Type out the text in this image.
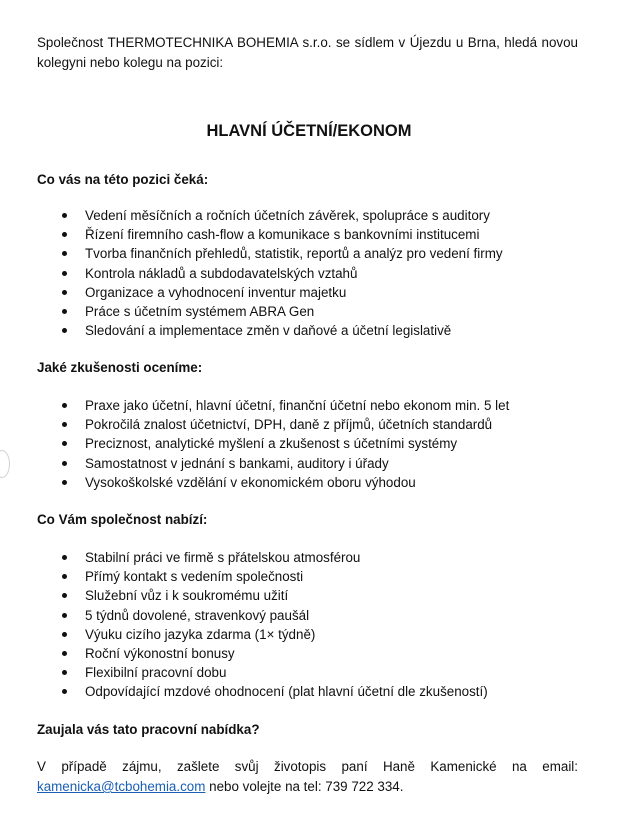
Společnost THERMOTECHNIKA BOHEMIA s.r.o. se sídlem v Újezdu u Brna, hledá novou kolegyni nebo kolegu na pozici:
HLAVNÍ ÚČETNÍ/EKONOM
Co vás na této pozici čeká:
Vedení měsíčních a ročních účetních závěrek, spolupráce s auditory
Řízení firemního cash-flow a komunikace s bankovními institucemi
Tvorba finančních přehledů, statistik, reportů a analýz pro vedení firmy
Kontrola nákladů a subdodavatelských vztahů
Organizace a vyhodnocení inventur majetku
Práce s účetním systémem ABRA Gen
Sledování a implementace změn v daňové a účetní legislativě
Jaké zkušenosti oceníme:
Praxe jako účetní, hlavní účetní, finanční účetní nebo ekonom min. 5 let
Pokročilá znalost účetnictví, DPH, daně z příjmů, účetních standardů
Preciznost, analytické myšlení a zkušenost s účetními systémy
Samostatnost v jednání s bankami, auditory i úřady
Vysokoškolské vzdělání v ekonomickém oboru výhodou
Co Vám společnost nabízí:
Stabilní práci ve firmě s přátelskou atmosférou
Přímý kontakt s vedením společnosti
Služební vůz i k soukromému užití
5 týdnů dovolené, stravenkový paušál
Výuku cizího jazyka zdarma (1× týdně)
Roční výkonostní bonusy
Flexibilní pracovní dobu
Odpovídající mzdové ohodnocení (plat hlavní účetní dle zkušeností)
Zaujala vás tato pracovní nabídka?
V případě zájmu, zašlete svůj životopis paní Haně Kamenické na email:
kamenicka@tcbohemia.com nebo volejte na tel: 739 722 334.
